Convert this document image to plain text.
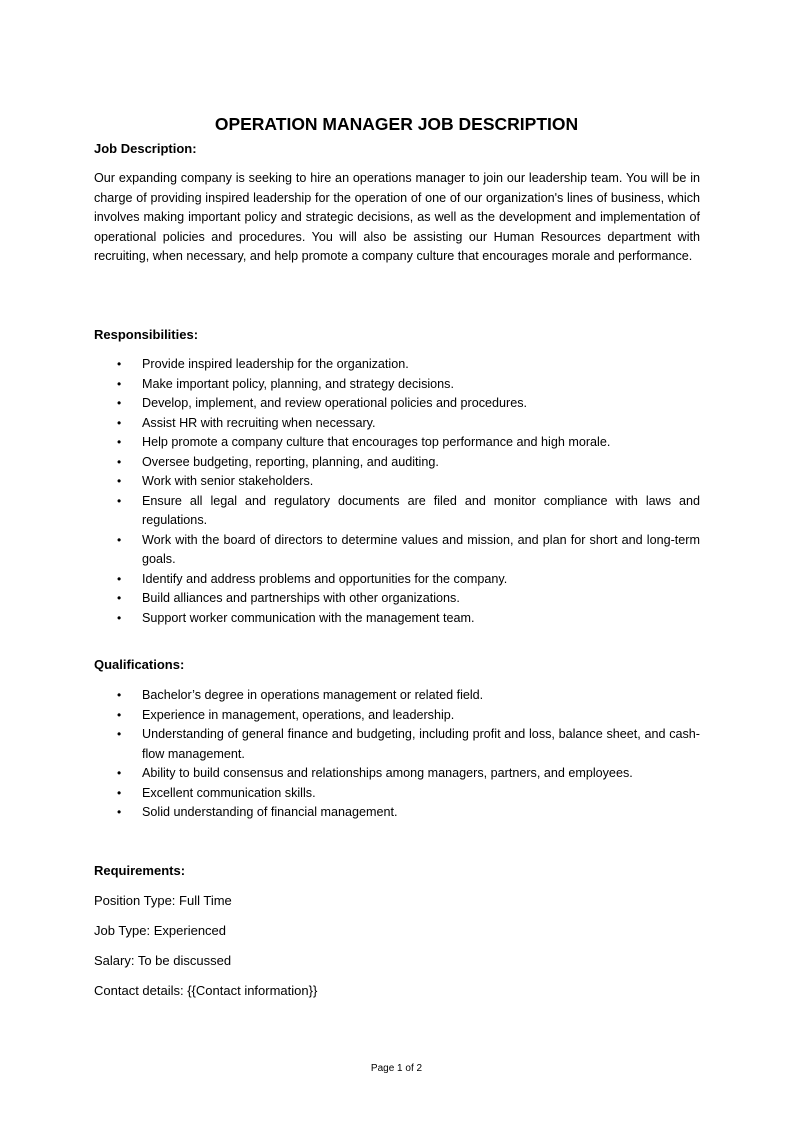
OPERATION MANAGER JOB DESCRIPTION
Job Description:

Our expanding company is seeking to hire an operations manager to join our leadership team. You will be in charge of providing inspired leadership for the operation of one of our organization's lines of business, which involves making important policy and strategic decisions, as well as the development and implementation of operational policies and procedures. You will also be assisting our Human Resources department with recruiting, when necessary, and help promote a company culture that encourages morale and performance.

Responsibilities:
• Provide inspired leadership for the organization.
• Make important policy, planning, and strategy decisions.
• Develop, implement, and review operational policies and procedures.
• Assist HR with recruiting when necessary.
• Help promote a company culture that encourages top performance and high morale.
• Oversee budgeting, reporting, planning, and auditing.
• Work with senior stakeholders.
• Ensure all legal and regulatory documents are filed and monitor compliance with laws and regulations.
• Work with the board of directors to determine values and mission, and plan for short and long-term goals.
• Identify and address problems and opportunities for the company.
• Build alliances and partnerships with other organizations.
• Support worker communication with the management team.
Qualifications:
• Bachelor’s degree in operations management or related field.
• Experience in management, operations, and leadership.
• Understanding of general finance and budgeting, including profit and loss, balance sheet, and cash-flow management.
• Ability to build consensus and relationships among managers, partners, and employees.
• Excellent communication skills.
• Solid understanding of financial management.
Requirements:
Position Type: Full Time
Job Type: Experienced
Salary: To be discussed
Contact details: {{Contact information}}
Page 1 of 2
